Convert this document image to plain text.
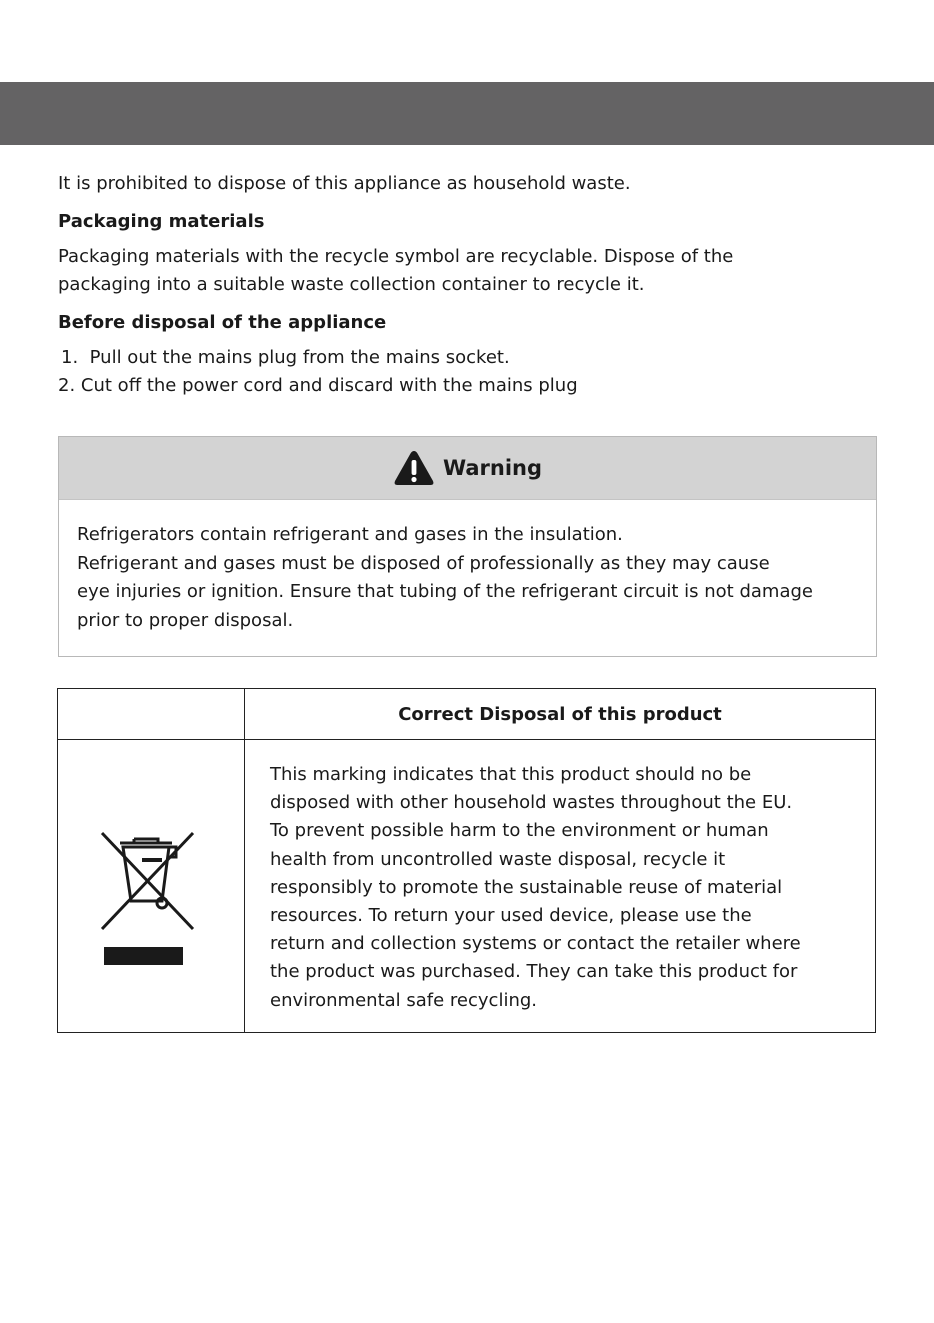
It is prohibited to dispose of this appliance as household waste.

Packaging materials

Packaging materials with the recycle symbol are recyclable. Dispose of the

packaging into a suitable waste collection container to recycle it.

Before disposal of the appliance
1. Pull out the mains plug from the mains socket.
2. Cut off the power cord and discard with the mains plug
Warning

Refrigerators contain refrigerant and gases in the insulation.

Refrigerant and gases must be disposed of professionally as they may cause

eye injuries or ignition. Ensure that tubing of the refrigerant circuit is not damage

prior to proper disposal.

Correct Disposal of this product

This marking indicates that this product should no be

disposed with other household wastes throughout the EU.

To prevent possible harm to the environment or human

health from uncontrolled waste disposal, recycle it

responsibly to promote the sustainable reuse of material

resources. To return your used device, please use the

return and collection systems or contact the retailer where

the product was purchased. They can take this product for

environmental safe recycling.
